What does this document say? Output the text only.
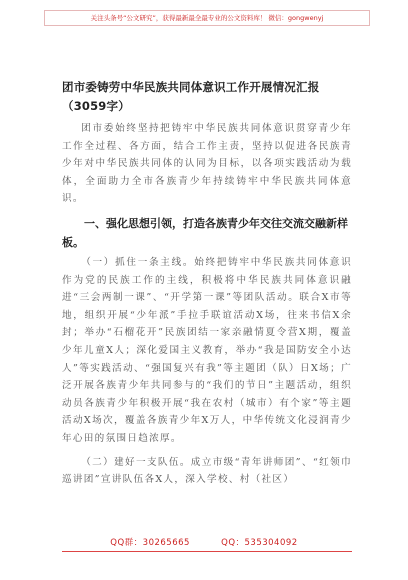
关注头条号“公文研究”，获得最新最全最专业的公文资料库！ 微信：gongwenyj

团市委铸劳中华民族共同体意识工作开展情况汇报（3059字）

团市委始终坚持把铸牢中华民族共同体意识贯穿青少年工作全过程、各方面，结合工作主责，坚持以促进各民族青少年对中华民族共同体的认同为目标，以各项实践活动为载体，全面助力全市各族青少年持续铸牢中华民族共同体意识。

一、强化思想引领，打造各族青少年交往交流交融新样板。

（一）抓住一条主线。始终把铸牢中华民族共同体意识作为党的民族工作的主线，积极将中华民族共同体意识融进“三会两制一课”、“开学第一课”等团队活动。联合X市等地，组织开展“少年派”手拉手联谊活动X场，往来书信X余封；举办“石榴花开”民族团结一家亲融情夏令营X期，覆盖少年儿童X人；深化爱国主义教育，举办“我是国防安全小达人”等实践活动、“强国复兴有我”等主题团（队）日X场；广泛开展各族青少年共同参与的“我们的节日”主题活动，组织动员各族青少年积极开展“我在农村（城市）有个家”等主题活动X场次，覆盖各族青少年X万人，中华传统文化浸润青少年心田的氛围日趋浓厚。

（二）建好一支队伍。成立市级“青年讲师团”、“红领巾巡讲团”宣讲队伍各X人，深入学校、村（社区）

QQ群：30265665	QQ：535304092
